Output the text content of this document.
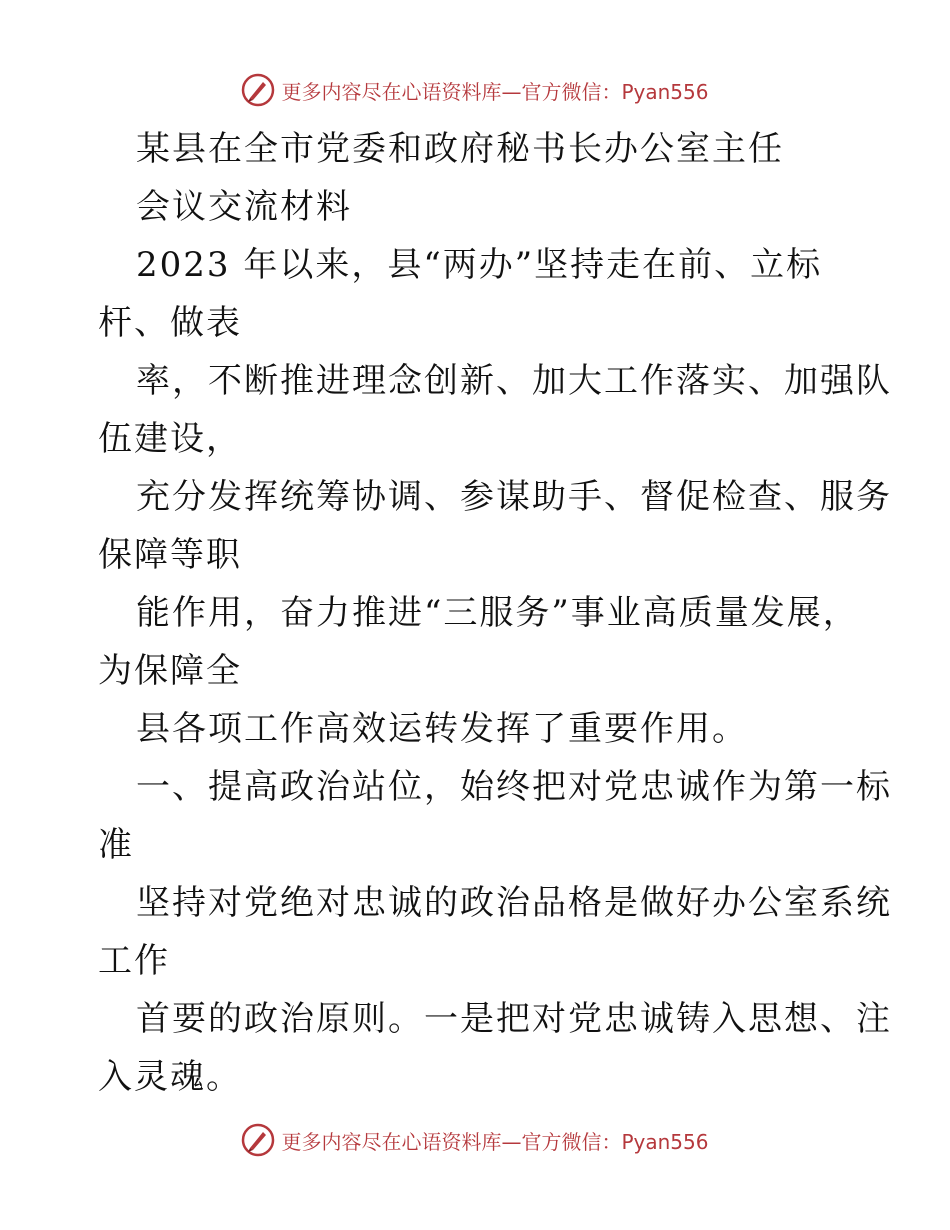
更多内容尽在心语资料库—官方微信：Pyan556
某县在全市党委和政府秘书长办公室主任
会议交流材料
2023 年以来，县“两办”坚持走在前、立标
杆、做表
率，不断推进理念创新、加大工作落实、加强队
伍建设，
充分发挥统筹协调、参谋助手、督促检查、服务
保障等职
能作用，奋力推进“三服务”事业高质量发展，
为保障全
县各项工作高效运转发挥了重要作用。
一、提高政治站位，始终把对党忠诚作为第一标
准
坚持对党绝对忠诚的政治品格是做好办公室系统
工作
首要的政治原则。一是把对党忠诚铸入思想、注
入灵魂。
更多内容尽在心语资料库—官方微信：Pyan556
